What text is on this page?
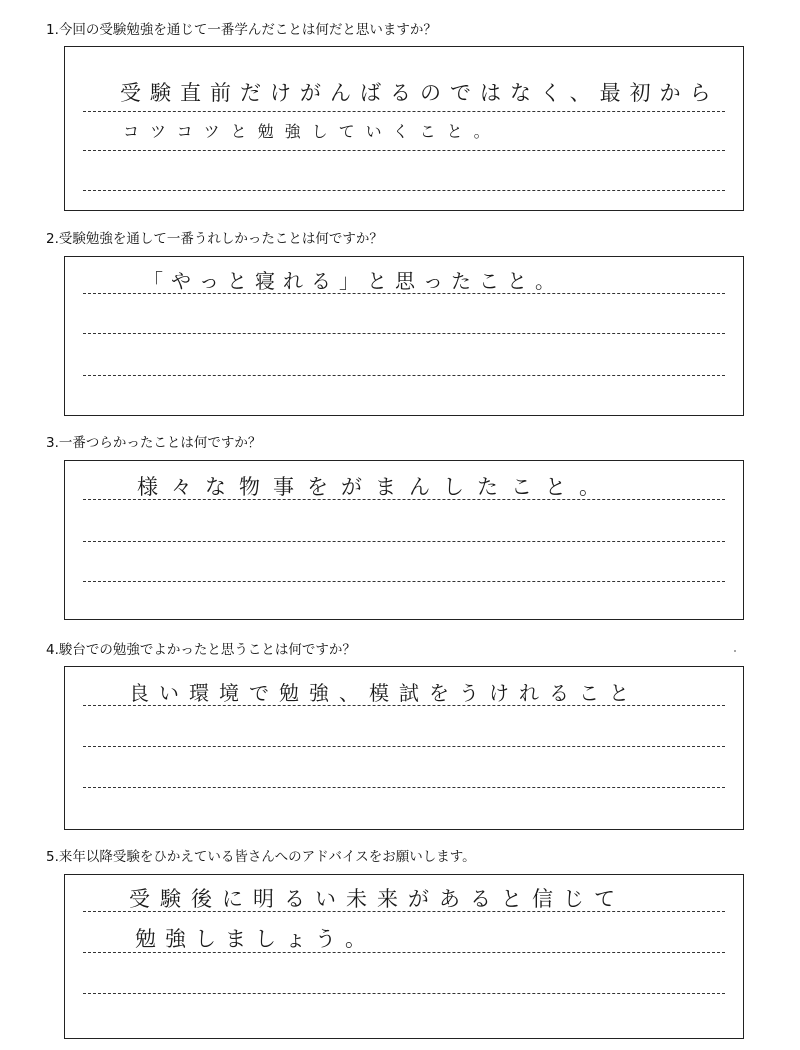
1.今回の受験勉強を通じて一番学んだことは何だと思いますか？
受験直前だけがんばるのではなく、最初から
コツコツと勉強していくこと。
2.受験勉強を通して一番うれしかったことは何ですか？
「やっと寝れる」と思ったこと。
3.一番つらかったことは何ですか？
様々な物事をがまんしたこと。
4.駿台での勉強でよかったと思うことは何ですか？
良い環境で勉強、模試をうけれること
5.来年以降受験をひかえている皆さんへのアドバイスをお願いします。
受験後に明るい未来があると信じて
勉強しましょう。
